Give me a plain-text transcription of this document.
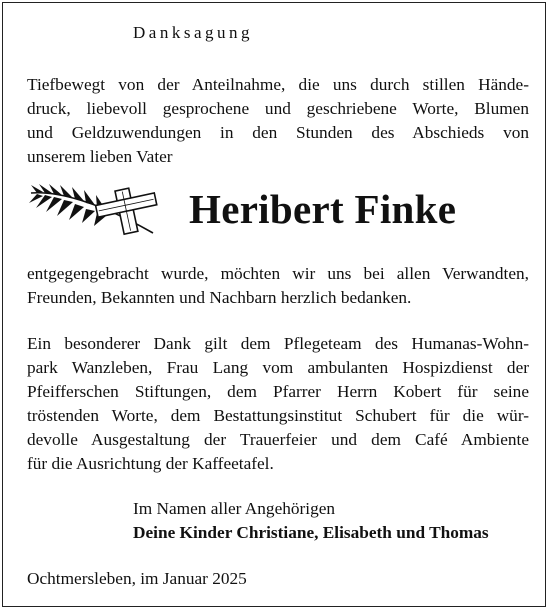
Danksagung

Tiefbewegt von der Anteilnahme, die uns durch stillen Hände-
druck, liebevoll gesprochene und geschriebene Worte, Blumen
und Geldzuwendungen in den Stunden des Abschieds von
unserem lieben Vater

Heribert Finke

entgegengebracht wurde, möchten wir uns bei allen Verwandten,
Freunden, Bekannten und Nachbarn herzlich bedanken.

Ein besonderer Dank gilt dem Pflegeteam des Humanas-Wohn-
park Wanzleben, Frau Lang vom ambulanten Hospizdienst der
Pfeifferschen Stiftungen, dem Pfarrer Herrn Kobert für seine
tröstenden Worte, dem Bestattungsinstitut Schubert für die wür-
devolle Ausgestaltung der Trauerfeier und dem Café Ambiente
für die Ausrichtung der Kaffeetafel.

Im Namen aller Angehörigen
Deine Kinder Christiane, Elisabeth und Thomas
Ochtmersleben, im Januar 2025
